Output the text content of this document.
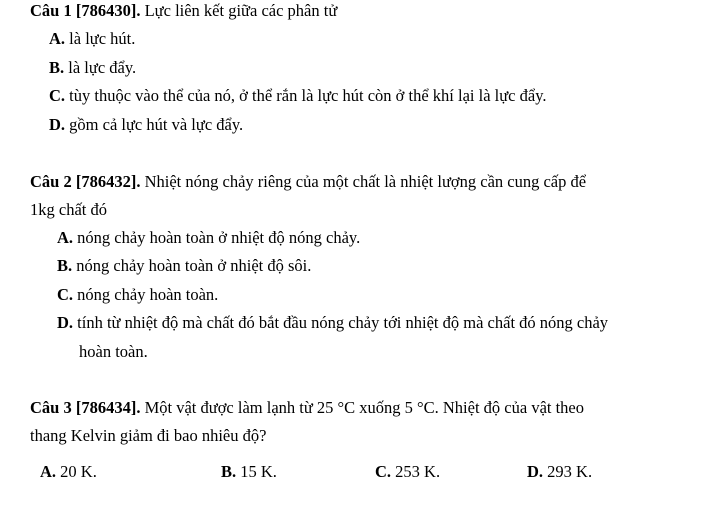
Câu 1 [786430]. Lực liên kết giữa các phân tử
A. là lực hút.
B. là lực đẩy.
C. tùy thuộc vào thể của nó, ở thể rắn là lực hút còn ở thể khí lại là lực đẩy.
D. gồm cả lực hút và lực đẩy.
Câu 2 [786432]. Nhiệt nóng chảy riêng của một chất là nhiệt lượng cần cung cấp để
1kg chất đó
A. nóng chảy hoàn toàn ở nhiệt độ nóng chảy.
B. nóng chảy hoàn toàn ở nhiệt độ sôi.
C. nóng chảy hoàn toàn.
D. tính từ nhiệt độ mà chất đó bắt đầu nóng chảy tới nhiệt độ mà chất đó nóng chảy
hoàn toàn.
Câu 3 [786434]. Một vật được làm lạnh từ 25 °C xuống 5 °C. Nhiệt độ của vật theo
thang Kelvin giảm đi bao nhiêu độ?
A. 20 K.	B. 15 K.	C. 253 K.	D. 293 K.
